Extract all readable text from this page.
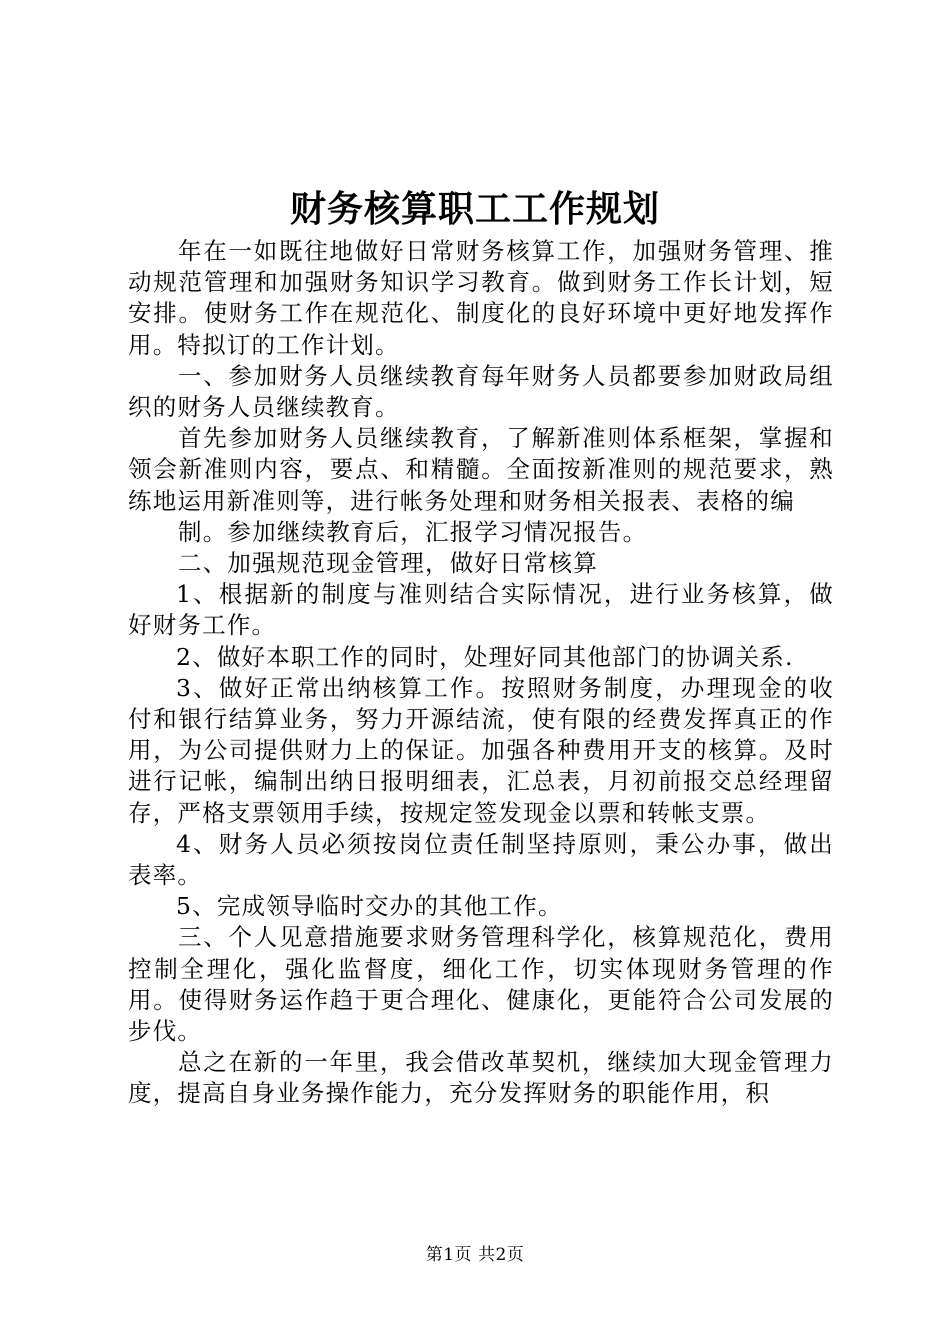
财务核算职工工作规划

年在一如既往地做好日常财务核算工作，加强财务管理、推动规范管理和加强财务知识学习教育。做到财务工作长计划，短安排。使财务工作在规范化、制度化的良好环境中更好地发挥作用。特拟订的工作计划。

一、参加财务人员继续教育每年财务人员都要参加财政局组织的财务人员继续教育。

首先参加财务人员继续教育，了解新准则体系框架，掌握和领会新准则内容，要点、和精髓。全面按新准则的规范要求，熟练地运用新准则等，进行帐务处理和财务相关报表、表格的编

制。参加继续教育后，汇报学习情况报告。

二、加强规范现金管理，做好日常核算

1、根据新的制度与准则结合实际情况，进行业务核算，做好财务工作。

2、做好本职工作的同时，处理好同其他部门的协调关系.

3、做好正常出纳核算工作。按照财务制度，办理现金的收付和银行结算业务，努力开源结流，使有限的经费发挥真正的作用，为公司提供财力上的保证。加强各种费用开支的核算。及时进行记帐，编制出纳日报明细表，汇总表，月初前报交总经理留存，严格支票领用手续，按规定签发现金以票和转帐支票。

4、财务人员必须按岗位责任制坚持原则，秉公办事，做出表率。

5、完成领导临时交办的其他工作。

三、个人见意措施要求财务管理科学化，核算规范化，费用控制全理化，强化监督度，细化工作，切实体现财务管理的作用。使得财务运作趋于更合理化、健康化，更能符合公司发展的步伐。

总之在新的一年里，我会借改革契机，继续加大现金管理力度，提高自身业务操作能力，充分发挥财务的职能作用，积

第1页 共2页
